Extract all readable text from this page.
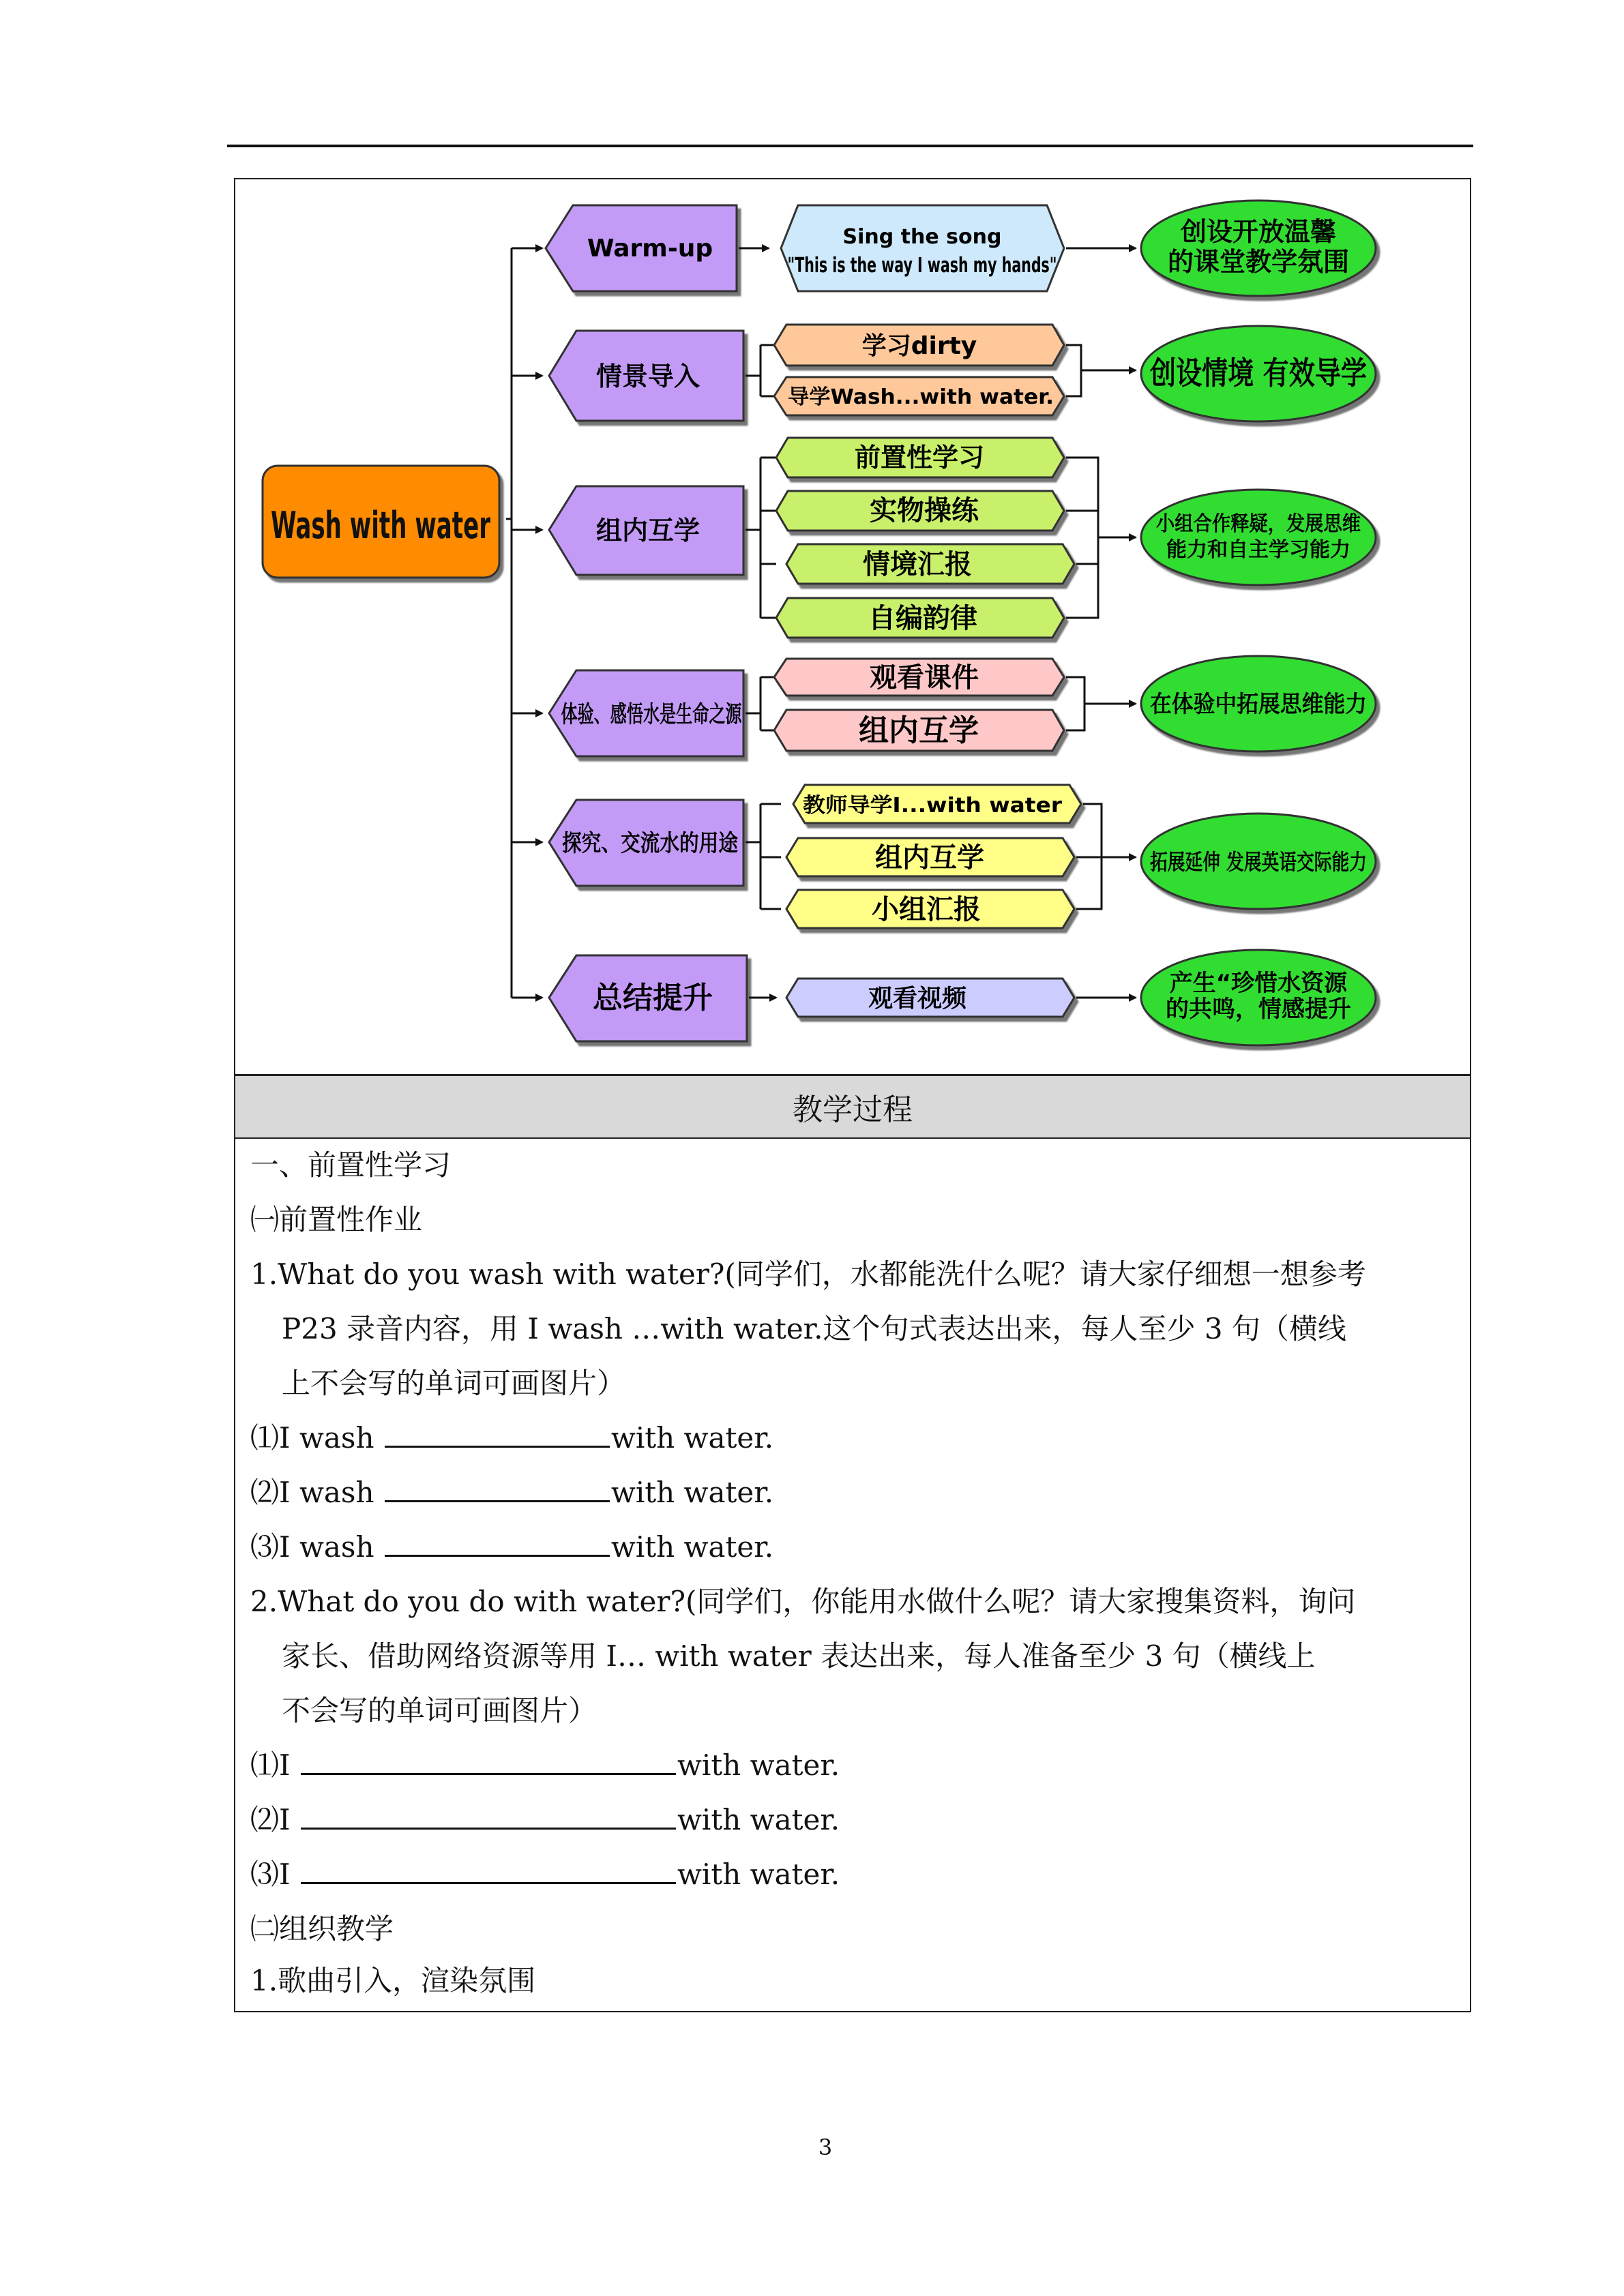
Wash with water
Warm-up
情景导入
组内互学
体验、感悟水是生命之源
探究、交流水的用途
总结提升
Sing the song
"This is the way I wash my hands"
学习dirty
导学Wash...with water.
前置性学习
实物操练
情境汇报
自编韵律
观看课件
组内互学
教师导学I...with water
组内互学
小组汇报
观看视频
创设开放温馨
的课堂教学氛围
创设情境 有效导学
小组合作释疑，发展思维
能力和自主学习能力
在体验中拓展思维能力
拓展延伸 发展英语交际能力
产生“珍惜水资源
的共鸣，情感提升
教学过程
一、前置性学习
㈠前置性作业
1.What do you wash with water?(同学们，水都能洗什么呢？请大家仔细想一想参考
P23 录音内容，用 I wash …with water.这个句式表达出来，每人至少 3 句（横线
上不会写的单词可画图片）
⑴I wash	with water.
⑵I wash	with water.
⑶I wash	with water.
2.What do you do with water?(同学们，你能用水做什么呢？请大家搜集资料，询问
家长、借助网络资源等用 I… with water 表达出来，每人准备至少 3 句（横线上
不会写的单词可画图片）
⑴I	with water.
⑵I	with water.
⑶I	with water.
㈡组织教学
1.歌曲引入，渲染氛围
3
